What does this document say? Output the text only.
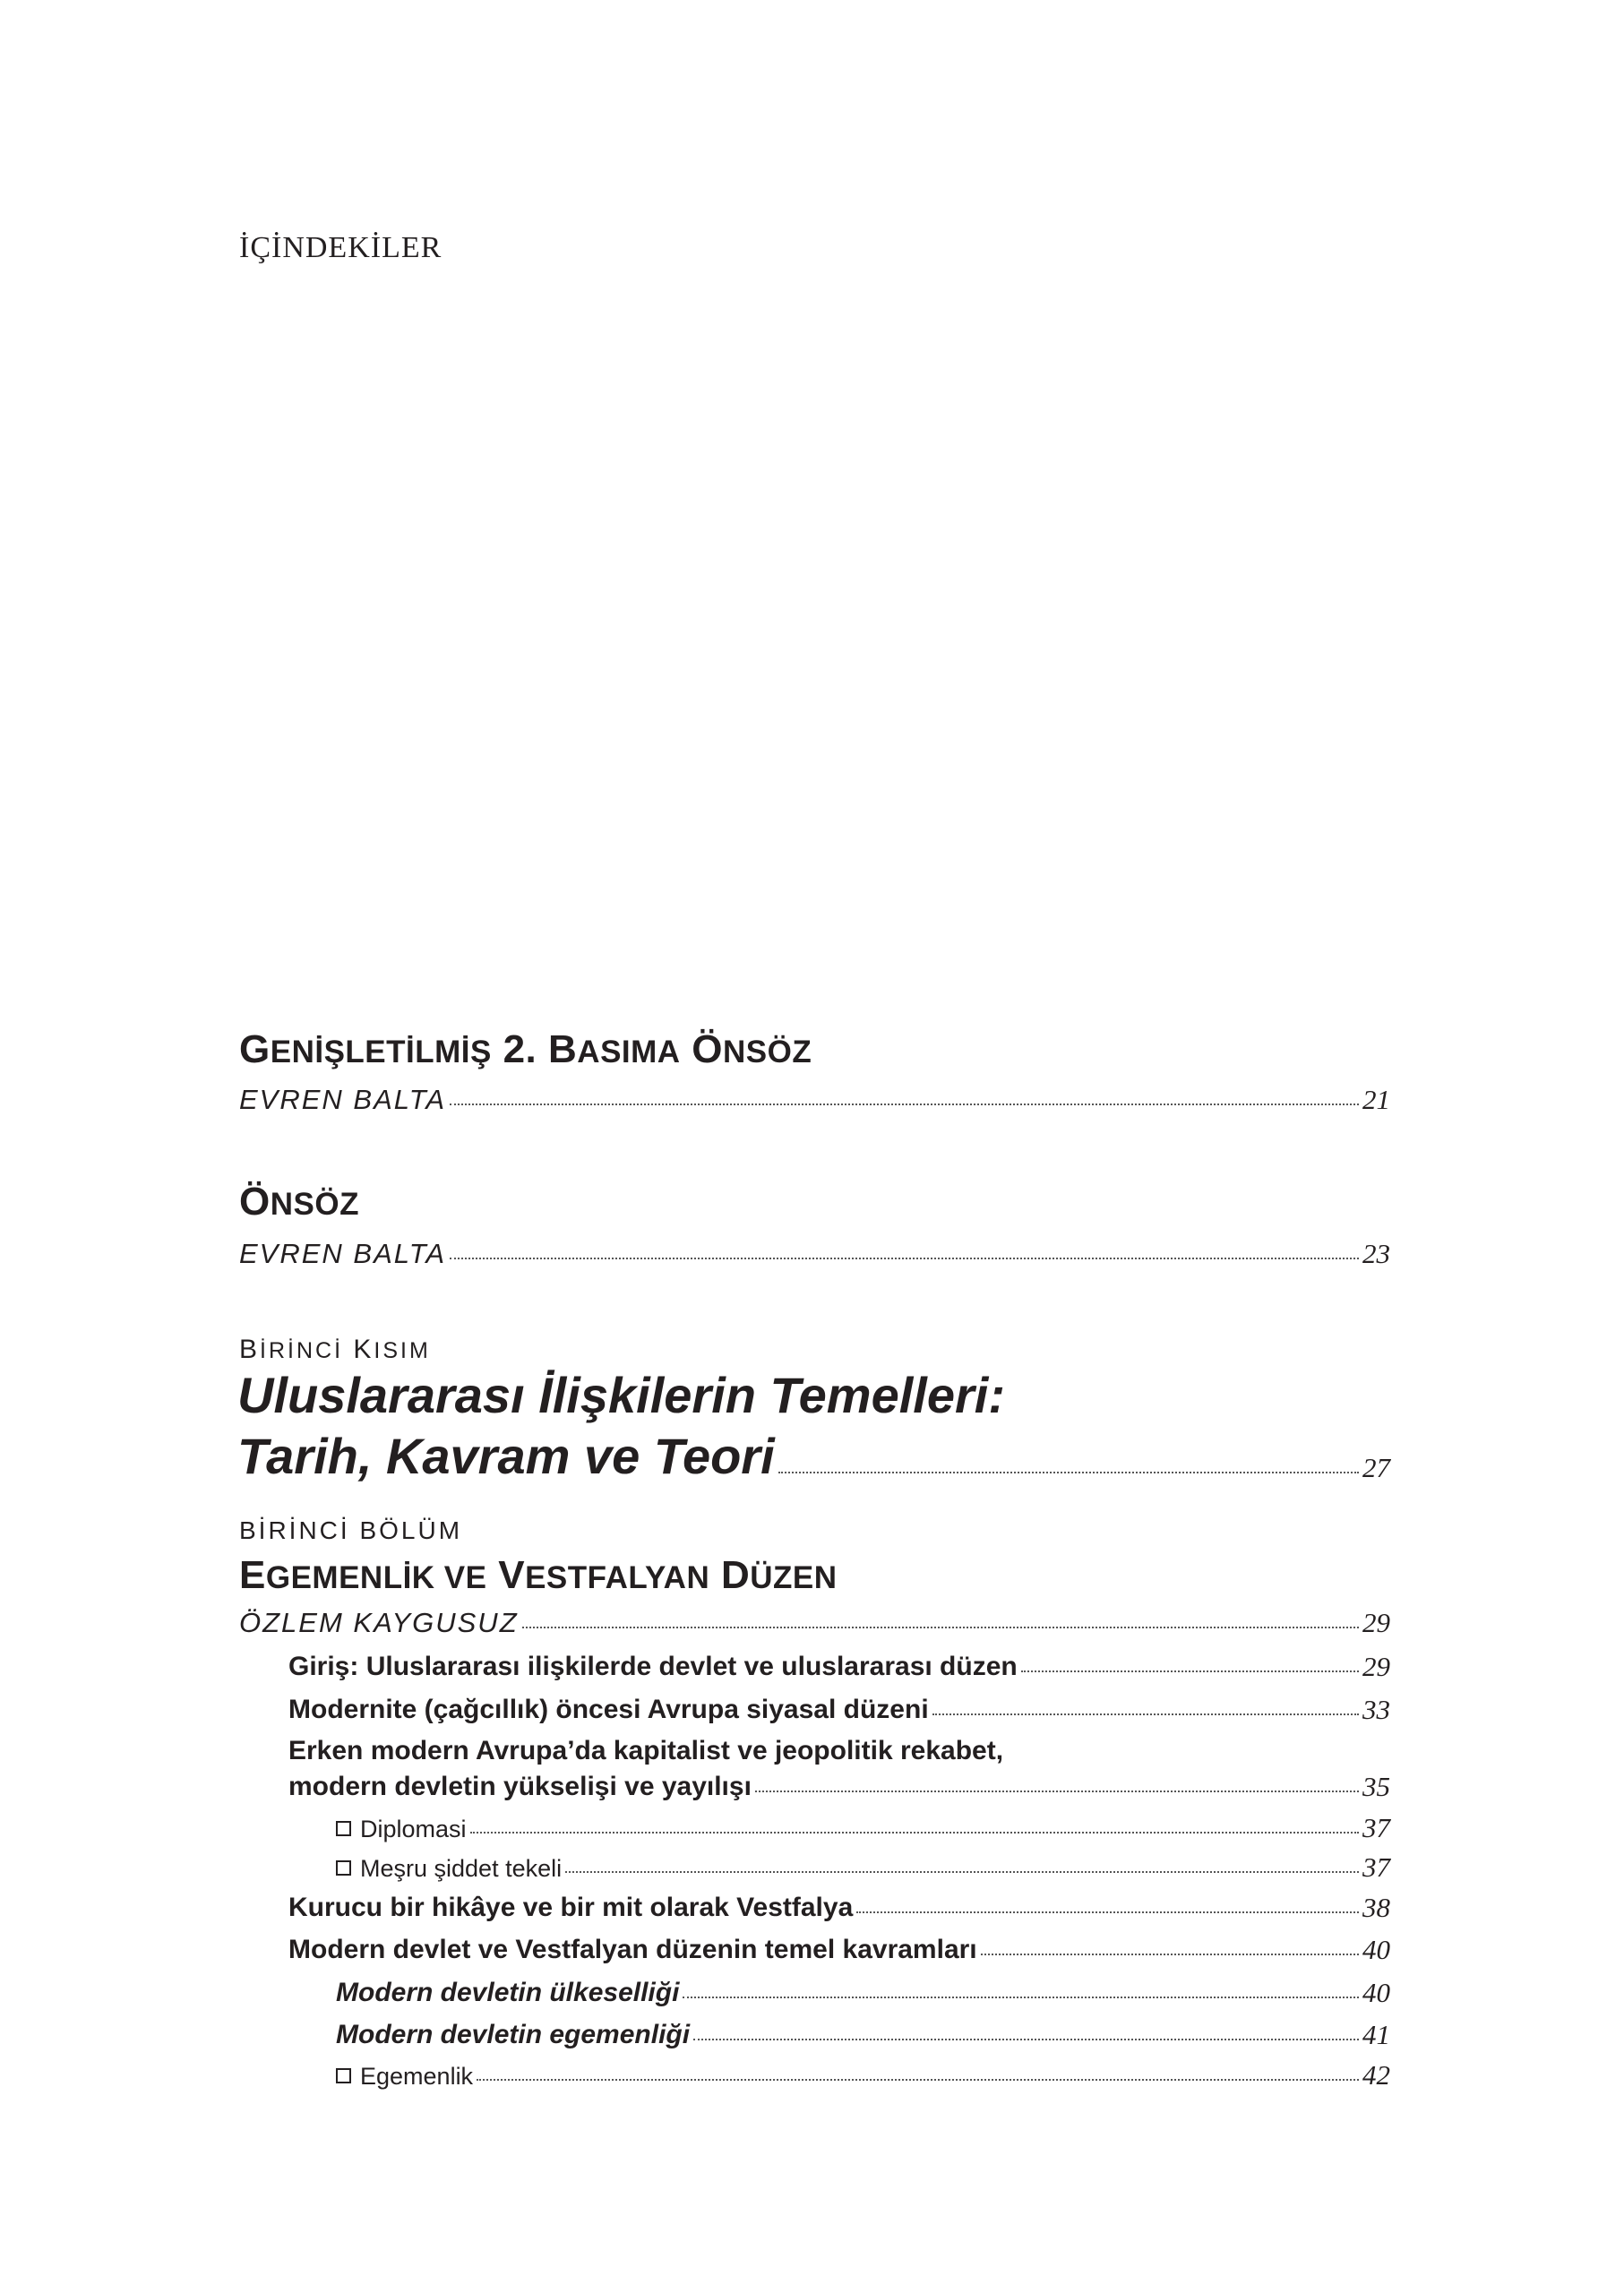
İÇİNDEKİLER
GENİŞLETİLMİŞ 2. BASIMA ÖNSÖZ
EVREN BALTA	21
ÖNSÖZ
EVREN BALTA	23
BİRİNCİ KISIM
Uluslararası İlişkilerin Temelleri:
Tarih, Kavram ve Teori	27
BİRİNCİ BÖLÜM
EGEMENLİK VE VESTFALYAN DÜZEN
ÖZLEM KAYGUSUZ	29
Giriş: Uluslararası ilişkilerde devlet ve uluslararası düzen	29
Modernite (çağcıllık) öncesi Avrupa siyasal düzeni	33
Erken modern Avrupa’da kapitalist ve jeopolitik rekabet,
modern devletin yükselişi ve yayılışı	35
Diplomasi	37
Meşru şiddet tekeli	37
Kurucu bir hikâye ve bir mit olarak Vestfalya	38
Modern devlet ve Vestfalyan düzenin temel kavramları	40
Modern devletin ülkeselliği	40
Modern devletin egemenliği	41
Egemenlik	42
